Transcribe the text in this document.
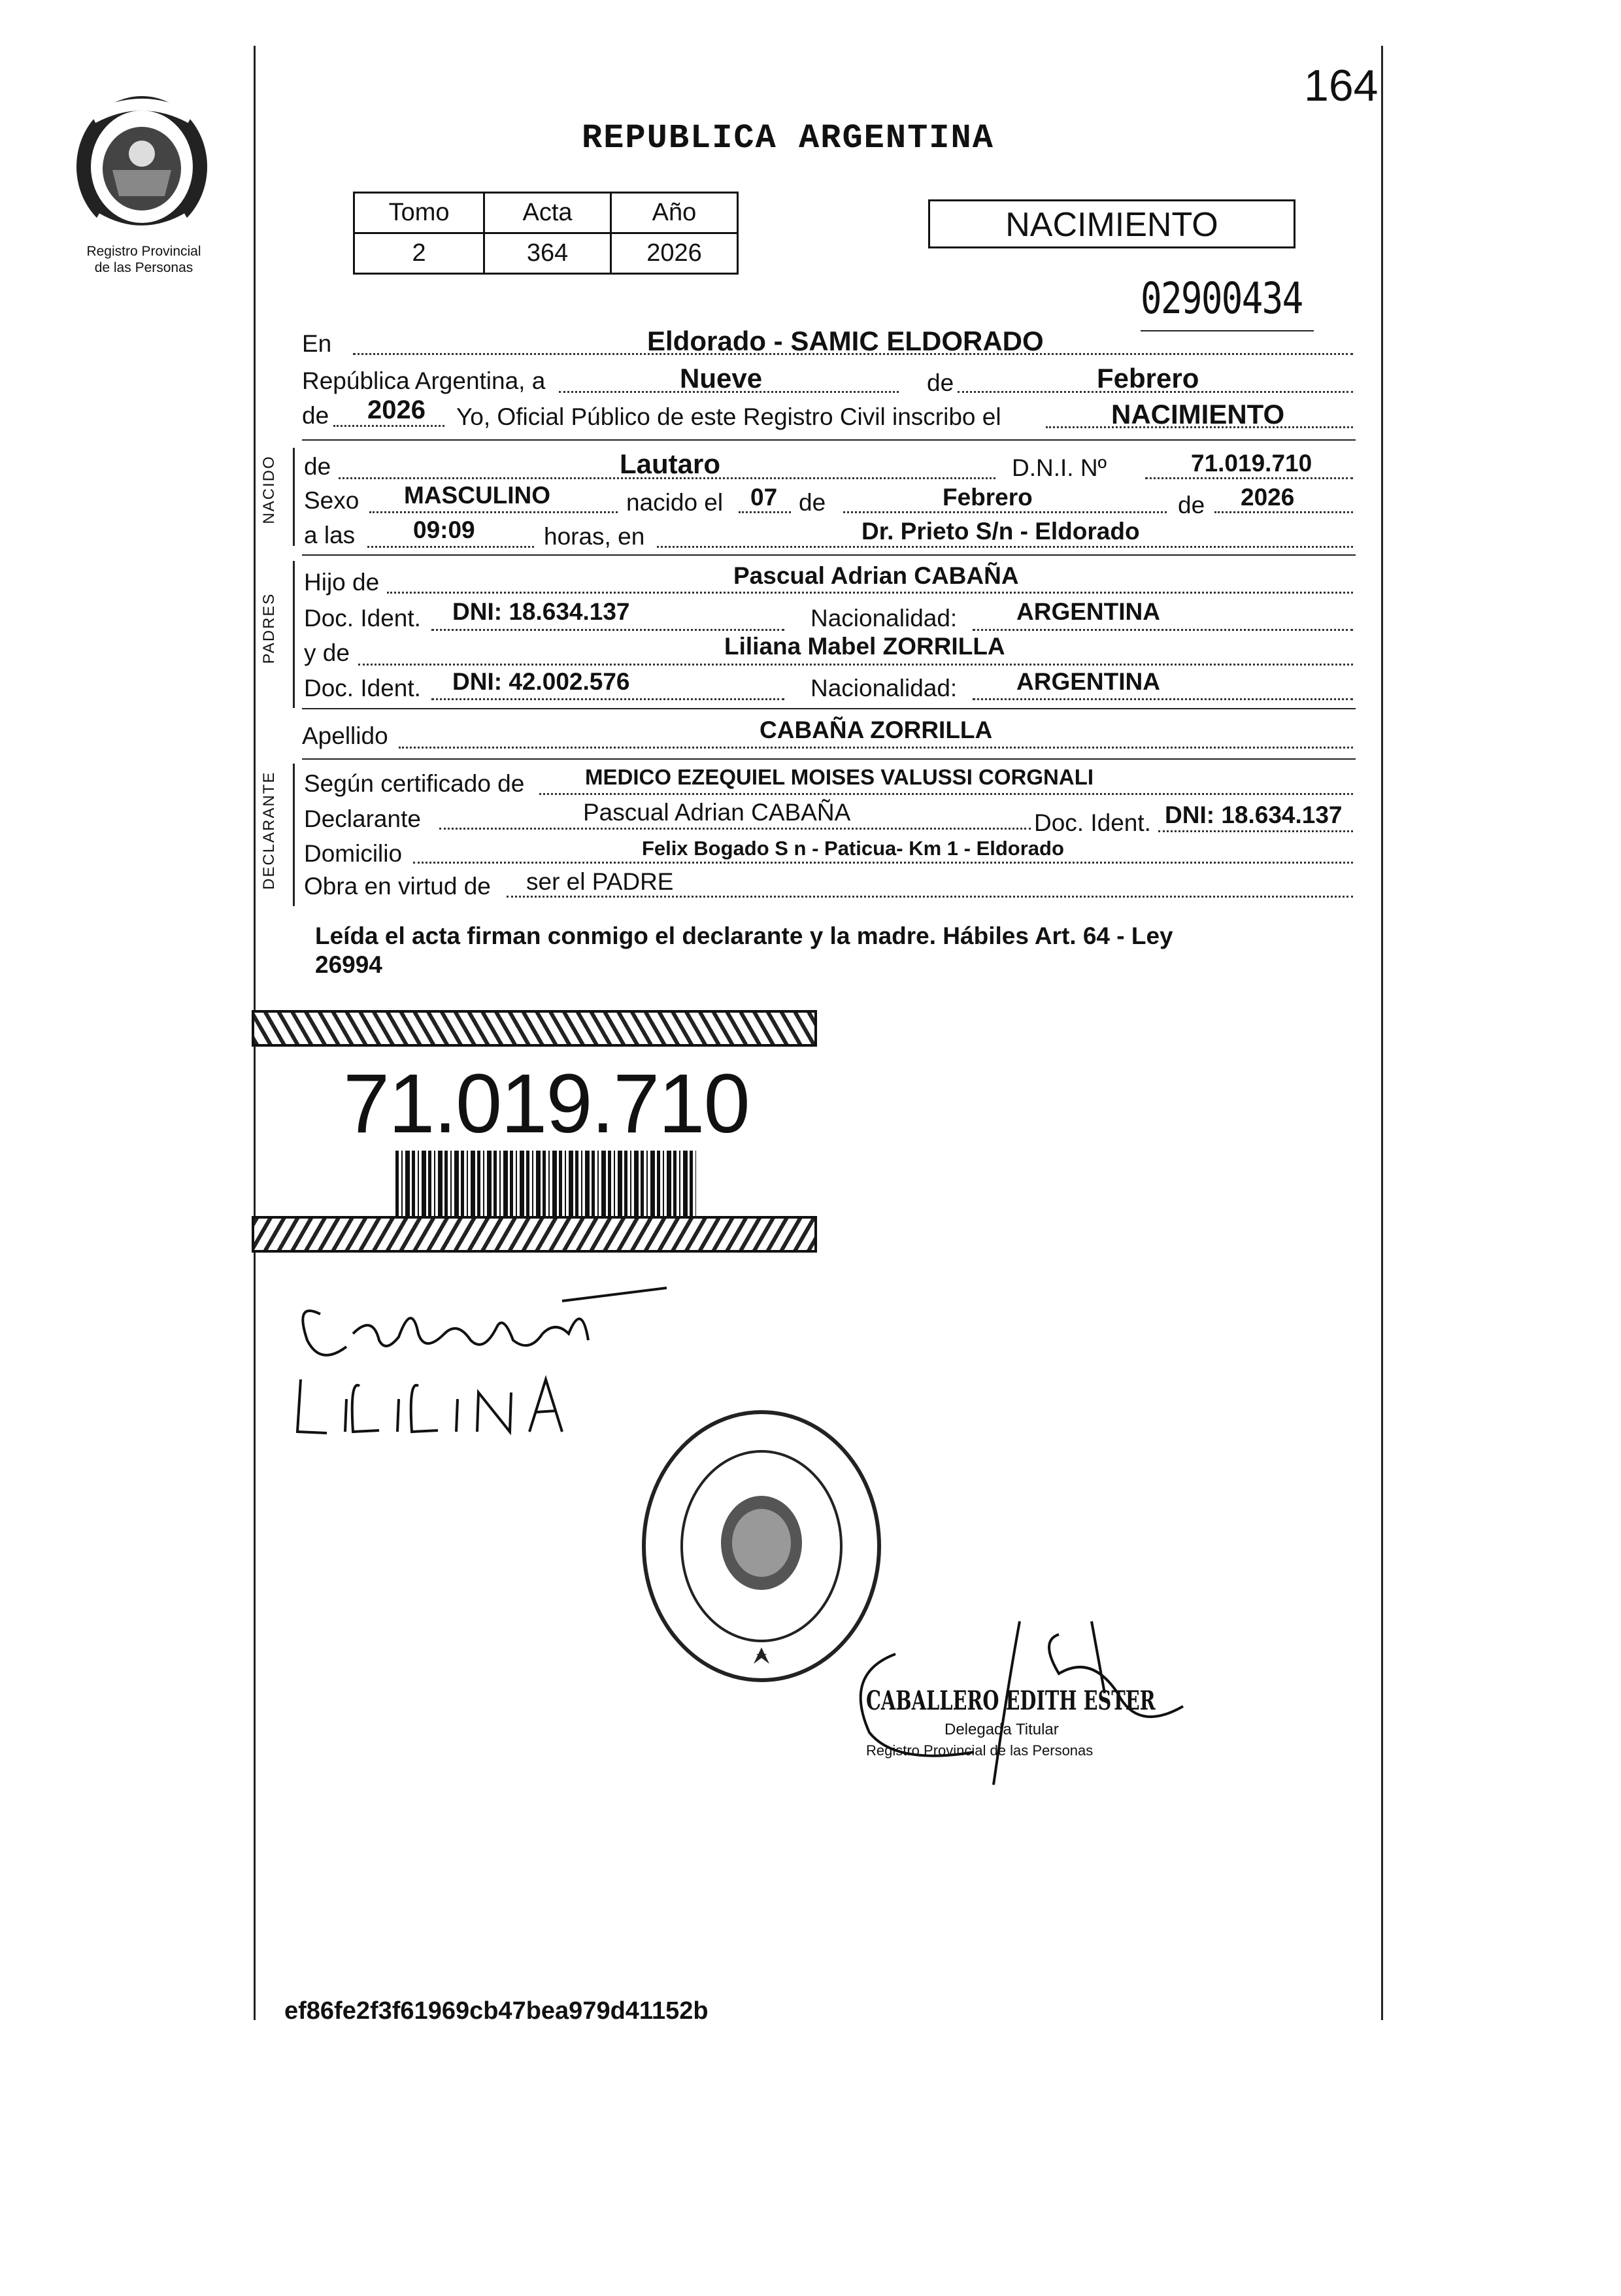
164
Registro Provincial
de las Personas
REPUBLICA ARGENTINA
Tomo	Acta	Año
2	364	2026
NACIMIENTO
02900434
En	Eldorado - SAMIC ELDORADO
República Argentina, a	Nueve	de	Febrero
de 2026 Yo, Oficial Público de este Registro Civil inscribo el	NACIMIENTO
NACIDO
PADRES
DECLARANTE
de	Lautaro	D.N.I. Nº	71.019.710
Sexo MASCULINO	nacido el 07 de	Febrero	de 2026
a las 09:09	horas, en	Dr. Prieto S/n - Eldorado
Hijo de	Pascual Adrian CABAÑA
Doc. Ident. DNI: 18.634.137	Nacionalidad: ARGENTINA
y de	Liliana Mabel ZORRILLA
Doc. Ident. DNI: 42.002.576	Nacionalidad: ARGENTINA
Apellido	CABAÑA ZORRILLA
Según certificado de	MEDICO EZEQUIEL MOISES VALUSSI CORGNALI
Declarante	Pascual Adrian CABAÑA	Doc. Ident. DNI: 18.634.137
Domicilio	Felix Bogado S n - Paticua- Km 1 - Eldorado
Obra en virtud de ser el PADRE
Leída el acta firman conmigo el declarante y la madre. Hábiles Art. 64 - Ley
26994
71.019.710
CABALLERO EDITH ESTER
Delegada Titular
Registro Provincial de las Personas
ef86fe2f3f61969cb47bea979d41152b
